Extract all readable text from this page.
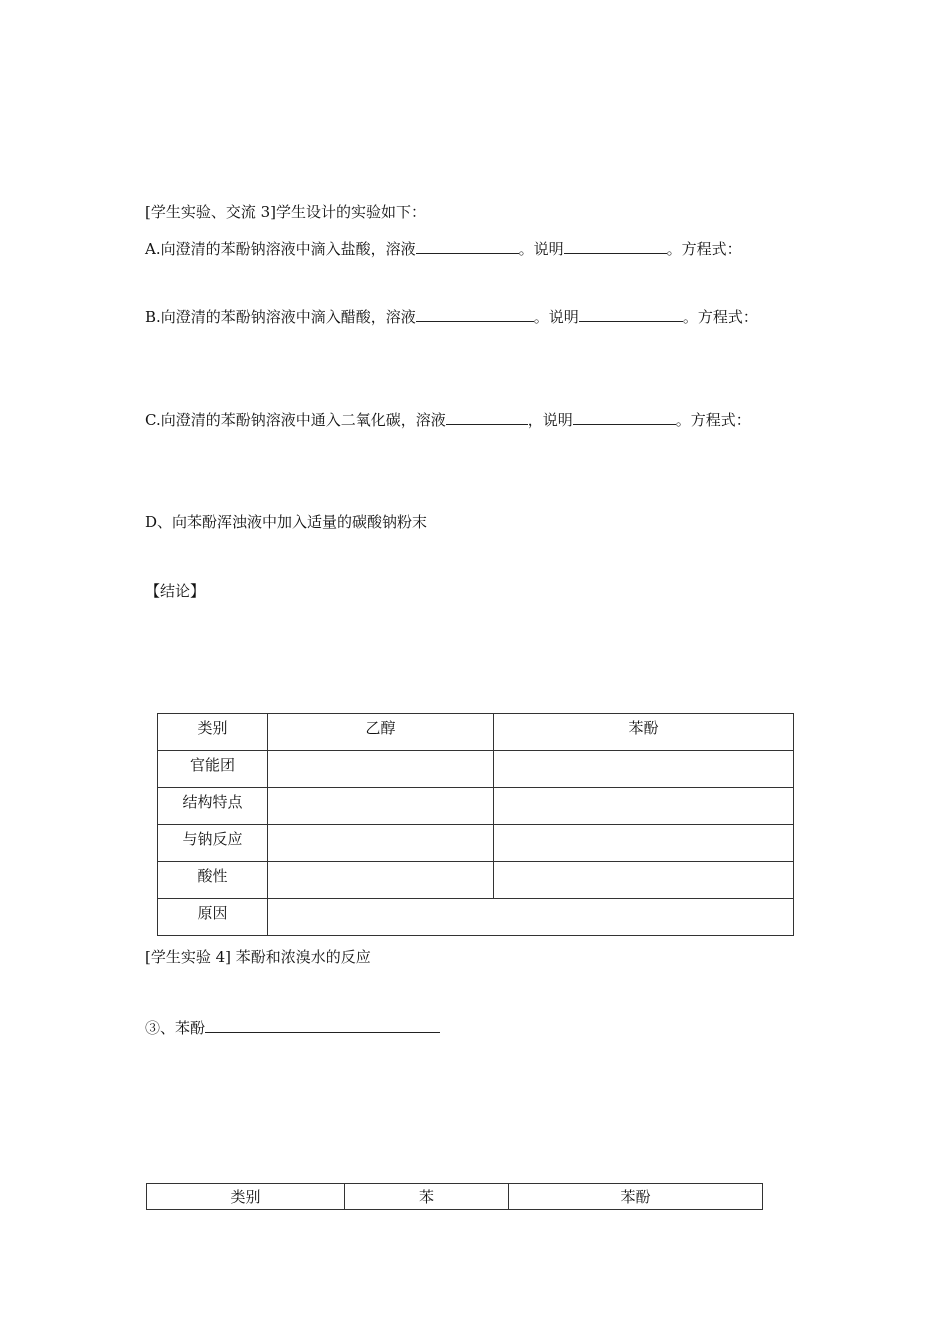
[学生实验、交流 3]学生设计的实验如下：
A.向澄清的苯酚钠溶液中滴入盐酸，溶液	。说明	。方程式：
B.向澄清的苯酚钠溶液中滴入醋酸，溶液	。说明	。方程式：
C.向澄清的苯酚钠溶液中通入二氧化碳，溶液	，说明	。方程式：
D、向苯酚浑浊液中加入适量的碳酸钠粉末
【结论】
类别	乙醇	苯酚
官能团		
结构特点		
与钠反应		
酸性		
原因		
[学生实验 4] 苯酚和浓溴水的反应
③、苯酚
类别	苯	苯酚
